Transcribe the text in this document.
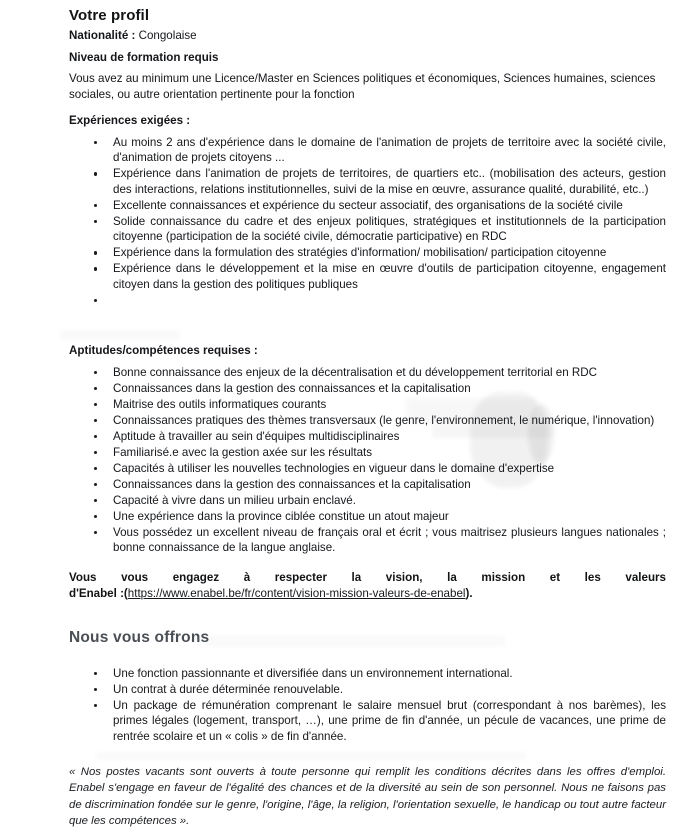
Votre profil

Nationalité : Congolaise

Niveau de formation requis

Vous avez au minimum une Licence/Master en Sciences politiques et économiques, Sciences humaines, sciences sociales, ou autre orientation pertinente pour la fonction

Expériences exigées :

Au moins 2 ans d'expérience dans le domaine de l'animation de projets de territoire avec la société civile, d'animation de projets citoyens ...
Expérience dans l'animation de projets de territoires, de quartiers etc.. (mobilisation des acteurs, gestion des interactions, relations institutionnelles, suivi de la mise en œuvre, assurance qualité, durabilité, etc..)
Excellente connaissances et expérience du secteur associatif, des organisations de la société civile
Solide connaissance du cadre et des enjeux politiques, stratégiques et institutionnels de la participation citoyenne (participation de la société civile, démocratie participative) en RDC
Expérience dans la formulation des stratégies d'information/ mobilisation/ participation citoyenne
Expérience dans le développement et la mise en œuvre d'outils de participation citoyenne, engagement citoyen dans la gestion des politiques publiques

Aptitudes/compétences requises :

Bonne connaissance des enjeux de la décentralisation et du développement territorial en RDC
Connaissances dans la gestion des connaissances et la capitalisation
Maitrise des outils informatiques courants
Connaissances pratiques des thèmes transversaux (le genre, l'environnement, le numérique, l'innovation)
Aptitude à travailler au sein d'équipes multidisciplinaires
Familiarisé.e avec la gestion axée sur les résultats
Capacités à utiliser les nouvelles technologies en vigueur dans le domaine d'expertise
Connaissances dans la gestion des connaissances et la capitalisation
Capacité à vivre dans un milieu urbain enclavé.
Une expérience dans la province ciblée constitue un atout majeur
Vous possédez un excellent niveau de français oral et écrit ; vous maitrisez plusieurs langues nationales ; bonne connaissance de la langue anglaise.

Vous vous engagez à respecter la vision, la mission et les valeurs
d'Enabel :(https://www.enabel.be/fr/content/vision-mission-valeurs-de-enabel).

Nous vous offrons
Une fonction passionnante et diversifiée dans un environnement international.
Un contrat à durée déterminée renouvelable.
Un package de rémunération comprenant le salaire mensuel brut (correspondant à nos barèmes), les primes légales (logement, transport, …), une prime de fin d'année, un pécule de vacances, une prime de rentrée scolaire et un « colis » de fin d'année.

« Nos postes vacants sont ouverts à toute personne qui remplit les conditions décrites dans les offres d'emploi. Enabel s'engage en faveur de l'égalité des chances et de la diversité au sein de son personnel. Nous ne faisons pas de discrimination fondée sur le genre, l'origine, l'âge, la religion, l'orientation sexuelle, le handicap ou tout autre facteur que les compétences ».
